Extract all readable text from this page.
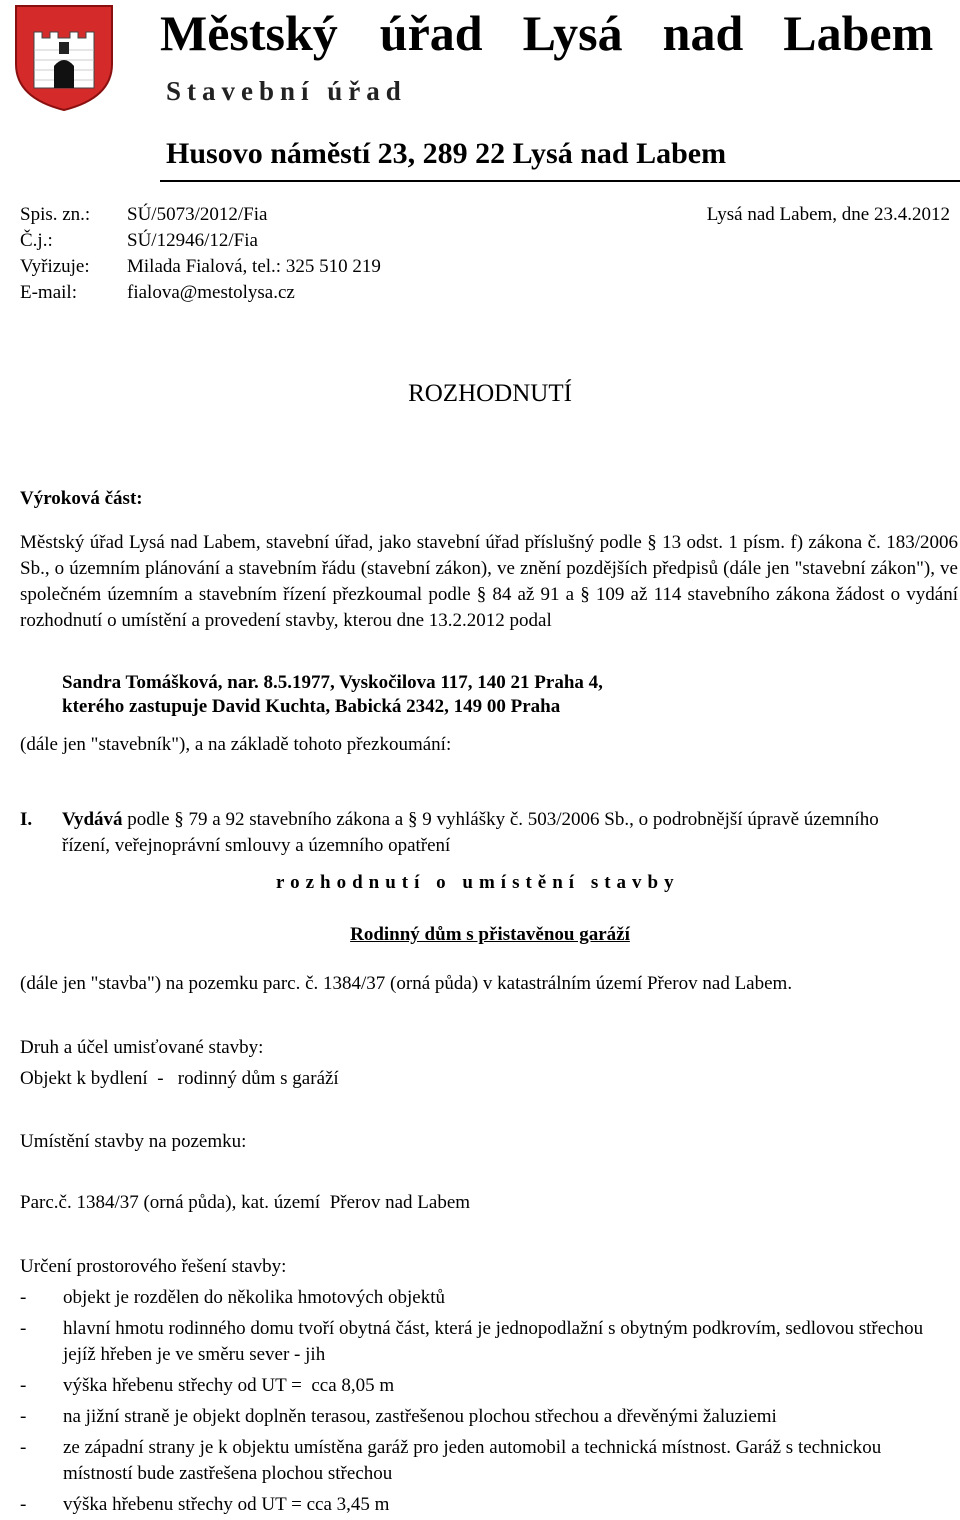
Městský úřad Lysá nad Labem
Stavební úřad
Husovo náměstí 23, 289 22 Lysá nad Labem
Spis. zn.: SÚ/5073/2012/Fia	Lysá nad Labem, dne 23.4.2012
Č.j.:	SÚ/12946/12/Fia
Vyřizuje: Milada Fialová, tel.: 325 510 219
E-mail:	fialova@mestolysa.cz
ROZHODNUTÍ
Výroková část:
Městský úřad Lysá nad Labem, stavební úřad, jako stavební úřad příslušný podle § 13 odst. 1 písm. f) zákona č. 183/2006 Sb., o územním plánování a stavebním řádu (stavební zákon), ve znění pozdějších předpisů (dále jen "stavební zákon"), ve společném územním a stavebním řízení přezkoumal podle § 84 až 91 a § 109 až 114 stavebního zákona žádost o vydání rozhodnutí o umístění a provedení stavby, kterou dne 13.2.2012 podal
Sandra Tomášková, nar. 8.5.1977, Vyskočilova 117, 140 21 Praha 4,
kterého zastupuje David Kuchta, Babická 2342, 149 00 Praha
(dále jen "stavebník"), a na základě tohoto přezkoumání:
I. Vydává podle § 79 a 92 stavebního zákona a § 9 vyhlášky č. 503/2006 Sb., o podrobnější úpravě územního řízení, veřejnoprávní smlouvy a územního opatření
rozhodnutí o umístění stavby
Rodinný dům s přistavěnou garáží
(dále jen "stavba") na pozemku parc. č. 1384/37 (orná půda) v katastrálním území Přerov nad Labem.
Druh a účel umisťované stavby:
Objekt k bydlení  -   rodinný dům s garáží
Umístění stavby na pozemku:
Parc.č. 1384/37 (orná půda), kat. území  Přerov nad Labem
Určení prostorového řešení stavby:
- objekt je rozdělen do několika hmotových objektů
- hlavní hmotu rodinného domu tvoří obytná část, která je jednopodlažní s obytným podkrovím, sedlovou střechou jejíž hřeben je ve směru sever - jih
- výška hřebenu střechy od UT =  cca 8,05 m
- na jižní straně je objekt doplněn terasou, zastřešenou plochou střechou a dřevěnými žaluziemi
- ze západní strany je k objektu umístěna garáž pro jeden automobil a technická místnost. Garáž s technickou místností bude zastřešena plochou střechou
- výška hřebenu střechy od UT = cca 3,45 m
